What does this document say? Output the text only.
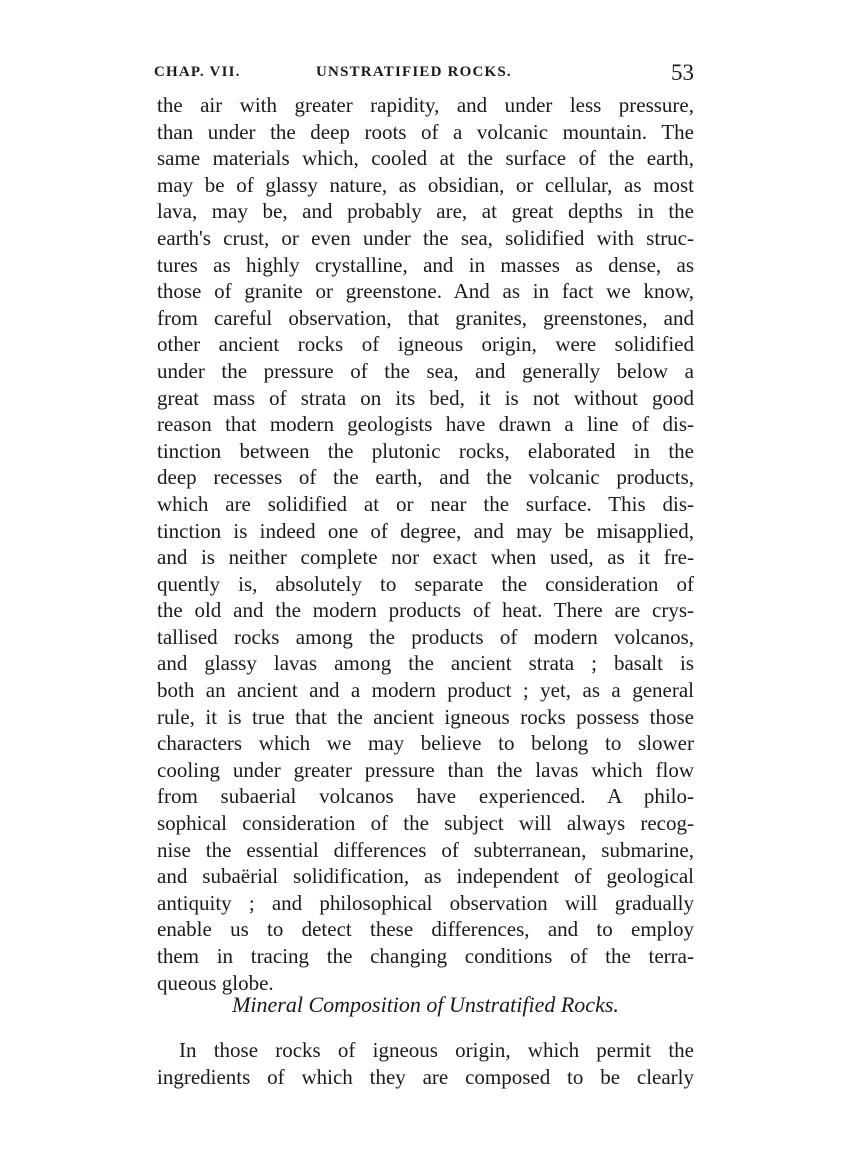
CHAP. VII.	UNSTRATIFIED ROCKS.	53
the air with greater rapidity, and under less pressure,
than under the deep roots of a volcanic mountain. The
same materials which, cooled at the surface of the earth,
may be of glassy nature, as obsidian, or cellular, as most
lava, may be, and probably are, at great depths in the
earth's crust, or even under the sea, solidified with struc-
tures as highly crystalline, and in masses as dense, as
those of granite or greenstone. And as in fact we know,
from careful observation, that granites, greenstones, and
other ancient rocks of igneous origin, were solidified
under the pressure of the sea, and generally below a
great mass of strata on its bed, it is not without good
reason that modern geologists have drawn a line of dis-
tinction between the plutonic rocks, elaborated in the
deep recesses of the earth, and the volcanic products,
which are solidified at or near the surface. This dis-
tinction is indeed one of degree, and may be misapplied,
and is neither complete nor exact when used, as it fre-
quently is, absolutely to separate the consideration of
the old and the modern products of heat. There are crys-
tallised rocks among the products of modern volcanos,
and glassy lavas among the ancient strata ; basalt is
both an ancient and a modern product ; yet, as a general
rule, it is true that the ancient igneous rocks possess those
characters which we may believe to belong to slower
cooling under greater pressure than the lavas which flow
from subaerial volcanos have experienced. A philo-
sophical consideration of the subject will always recog-
nise the essential differences of subterranean, submarine,
and subaërial solidification, as independent of geological
antiquity ; and philosophical observation will gradually
enable us to detect these differences, and to employ
them in tracing the changing conditions of the terra-
queous globe.
Mineral Composition of Unstratified Rocks.
In those rocks of igneous origin, which permit the
ingredients of which they are composed to be clearly
